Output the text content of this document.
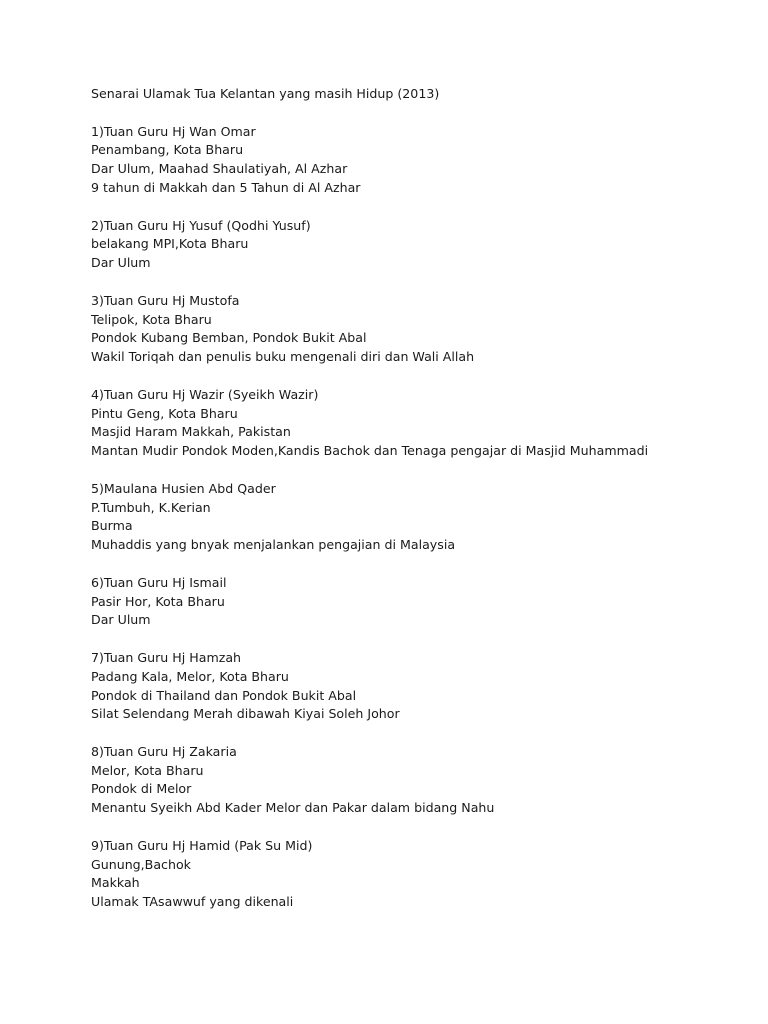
Senarai Ulamak Tua Kelantan yang masih Hidup (2013)
1)Tuan Guru Hj Wan Omar
Penambang, Kota Bharu
Dar Ulum, Maahad Shaulatiyah, Al Azhar
9 tahun di Makkah dan 5 Tahun di Al Azhar
2)Tuan Guru Hj Yusuf (Qodhi Yusuf)
belakang MPI,Kota Bharu
Dar Ulum
3)Tuan Guru Hj Mustofa
Telipok, Kota Bharu
Pondok Kubang Bemban, Pondok Bukit Abal
Wakil Toriqah dan penulis buku mengenali diri dan Wali Allah
4)Tuan Guru Hj Wazir (Syeikh Wazir)
Pintu Geng, Kota Bharu
Masjid Haram Makkah, Pakistan
Mantan Mudir Pondok Moden,Kandis Bachok dan Tenaga pengajar di Masjid Muhammadi
5)Maulana Husien Abd Qader
P.Tumbuh, K.Kerian
Burma
Muhaddis yang bnyak menjalankan pengajian di Malaysia
6)Tuan Guru Hj Ismail
Pasir Hor, Kota Bharu
Dar Ulum
7)Tuan Guru Hj Hamzah
Padang Kala, Melor, Kota Bharu
Pondok di Thailand dan Pondok Bukit Abal
Silat Selendang Merah dibawah Kiyai Soleh Johor
8)Tuan Guru Hj Zakaria
Melor, Kota Bharu
Pondok di Melor
Menantu Syeikh Abd Kader Melor dan Pakar dalam bidang Nahu
9)Tuan Guru Hj Hamid (Pak Su Mid)
Gunung,Bachok
Makkah
Ulamak TAsawwuf yang dikenali
